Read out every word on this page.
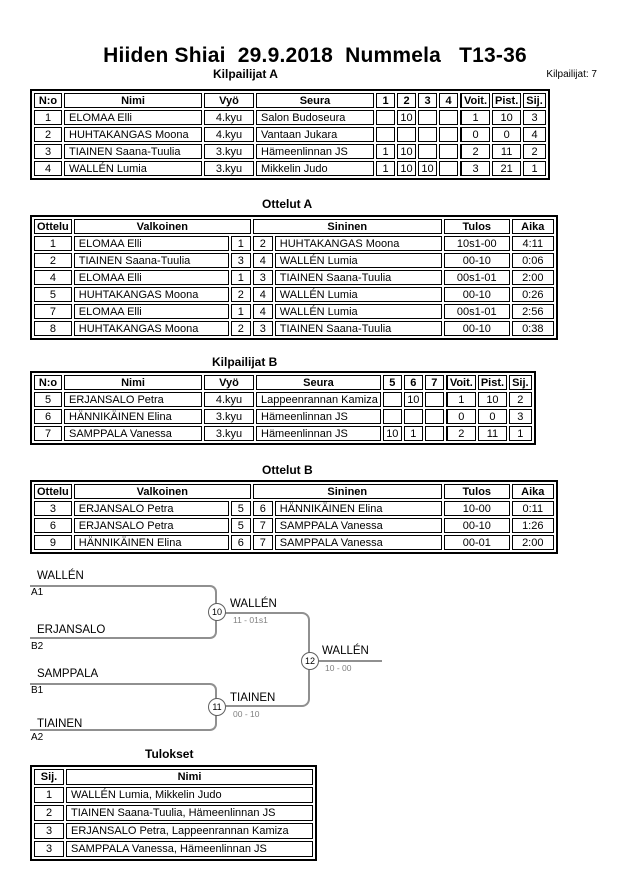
Hiiden Shiai  29.9.2018  Nummela   T13-36
Kilpailijat A	Kilpailijat: 7
N:o	Nimi	Vyö	Seura	1	2	3	4	Voit.	Pist.	Sij.
1	ELOMAA Elli	4.kyu	Salon Budoseura		10			1	10	3
2	HUHTAKANGAS Moona	4.kyu	Vantaan Jukara					0	0	4
3	TIAINEN Saana-Tuulia	3.kyu	Hämeenlinnan JS	1	10			2	11	2
4	WALLÉN Lumia	3.kyu	Mikkelin Judo	1	10	10		3	21	1
Ottelut A
Ottelu	Valkoinen		Sininen		Tulos	Aika
1	ELOMAA Elli	1	2	HUHTAKANGAS Moona	10s1-00	4:11
2	TIAINEN Saana-Tuulia	3	4	WALLÉN Lumia	00-10	0:06
4	ELOMAA Elli	1	3	TIAINEN Saana-Tuulia	00s1-01	2:00
5	HUHTAKANGAS Moona	2	4	WALLÉN Lumia	00-10	0:26
7	ELOMAA Elli	1	4	WALLÉN Lumia	00s1-01	2:56
8	HUHTAKANGAS Moona	2	3	TIAINEN Saana-Tuulia	00-10	0:38
Kilpailijat B
N:o	Nimi	Vyö	Seura	5	6	7	Voit.	Pist.	Sij.
5	ERJANSALO Petra	4.kyu	Lappeenrannan Kamiza		10		1	10	2
6	HÄNNIKÄINEN Elina	3.kyu	Hämeenlinnan JS				0	0	3
7	SAMPPALA Vanessa	3.kyu	Hämeenlinnan JS	10	1		2	11	1
Ottelut B
Ottelu	Valkoinen		Sininen		Tulos	Aika
3	ERJANSALO Petra	5	6	HÄNNIKÄINEN Elina	10-00	0:11
6	ERJANSALO Petra	5	7	SAMPPALA Vanessa	00-10	1:26
9	HÄNNIKÄINEN Elina	6	7	SAMPPALA Vanessa	00-01	2:00
WALLÉN
A1
ERJANSALO
B2
SAMPPALA
B1
TIAINEN
A2
10
WALLÉN
11 - 01s1
11
TIAINEN
00 - 10
12
WALLÉN
10 - 00
Tulokset
Sij.	Nimi
1	WALLÉN Lumia, Mikkelin Judo
2	TIAINEN Saana-Tuulia, Hämeenlinnan JS
3	ERJANSALO Petra, Lappeenrannan Kamiza
3	SAMPPALA Vanessa, Hämeenlinnan JS
